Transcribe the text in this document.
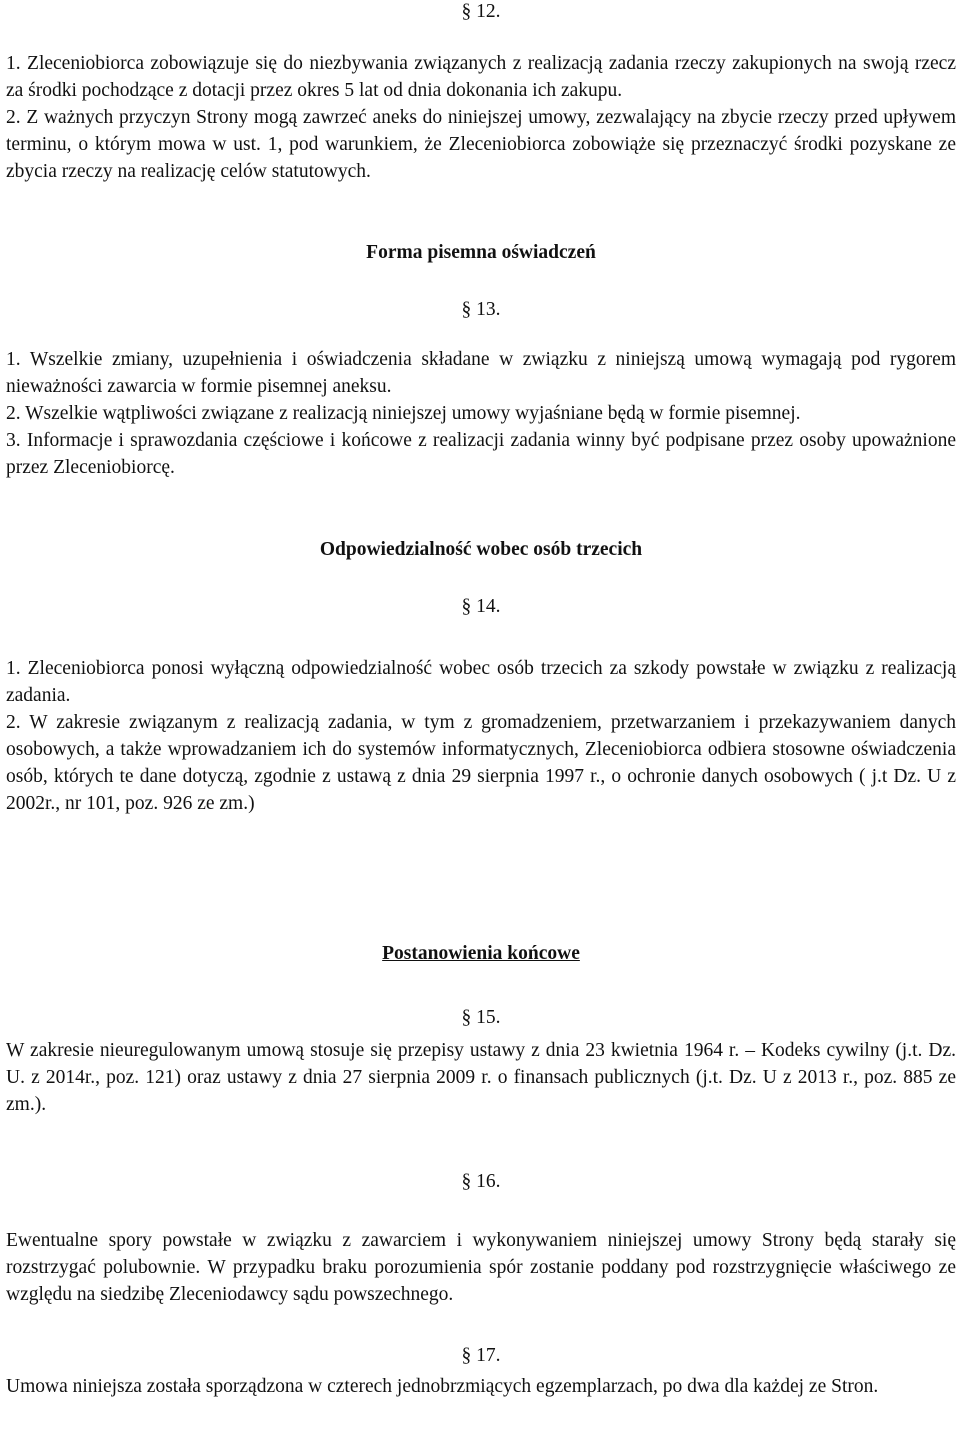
§ 12.

1. Zleceniobiorca zobowiązuje się do niezbywania związanych z realizacją zadania rzeczy zakupionych na swoją rzecz za środki pochodzące z dotacji przez okres 5 lat od dnia dokonania ich zakupu.

2. Z ważnych przyczyn Strony mogą zawrzeć aneks do niniejszej umowy, zezwalający na zbycie rzeczy przed upływem terminu, o którym mowa w ust. 1, pod warunkiem, że Zleceniobiorca zobowiąże się przeznaczyć środki pozyskane ze zbycia rzeczy na realizację celów statutowych.

Forma pisemna oświadczeń

§ 13.

1. Wszelkie zmiany, uzupełnienia i oświadczenia składane w związku z niniejszą umową wymagają pod rygorem nieważności zawarcia w formie pisemnej aneksu.

2. Wszelkie wątpliwości związane z realizacją niniejszej umowy wyjaśniane będą w formie pisemnej.

3. Informacje i sprawozdania częściowe i końcowe z realizacji zadania winny być podpisane przez osoby upoważnione przez Zleceniobiorcę.

Odpowiedzialność wobec osób trzecich

§ 14.

1. Zleceniobiorca ponosi wyłączną odpowiedzialność wobec osób trzecich za szkody powstałe w związku z realizacją zadania.

2. W zakresie związanym z realizacją zadania, w tym z gromadzeniem, przetwarzaniem i przekazywaniem danych osobowych, a także wprowadzaniem ich do systemów informatycznych, Zleceniobiorca odbiera stosowne oświadczenia osób, których te dane dotyczą, zgodnie z ustawą z dnia 29 sierpnia 1997 r., o ochronie danych osobowych ( j.t Dz. U z 2002r., nr 101, poz. 926 ze zm.)

Postanowienia końcowe

§ 15.

W zakresie nieuregulowanym umową stosuje się przepisy ustawy z dnia 23 kwietnia 1964 r. – Kodeks cywilny (j.t. Dz. U. z 2014r., poz. 121) oraz ustawy z dnia 27 sierpnia 2009 r. o finansach publicznych (j.t. Dz. U z 2013 r., poz. 885 ze zm.).

§ 16.

Ewentualne spory powstałe w związku z zawarciem i wykonywaniem niniejszej umowy Strony będą starały się rozstrzygać polubownie. W przypadku braku porozumienia spór zostanie poddany pod rozstrzygnięcie właściwego ze względu na siedzibę Zleceniodawcy sądu powszechnego.

§ 17.

Umowa niniejsza została sporządzona w czterech jednobrzmiących egzemplarzach, po dwa dla każdej ze Stron.
